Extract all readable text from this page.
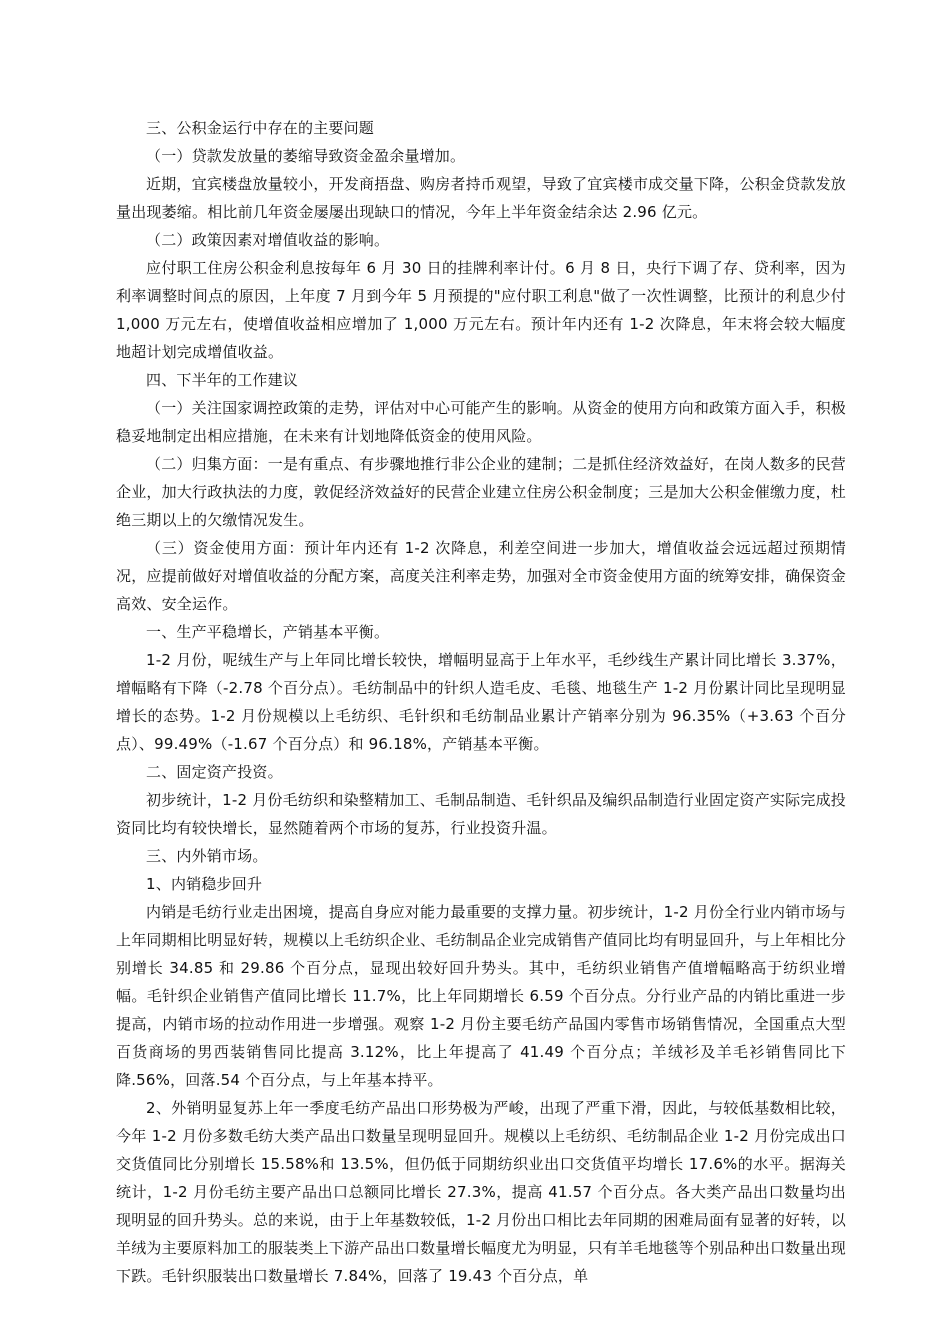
三、公积金运行中存在的主要问题

（一）贷款发放量的萎缩导致资金盈余量增加。

近期，宜宾楼盘放量较小，开发商捂盘、购房者持币观望，导致了宜宾楼市成交量下降，公积金贷款发放量出现萎缩。相比前几年资金屡屡出现缺口的情况，今年上半年资金结余达 2.96 亿元。

（二）政策因素对增值收益的影响。

应付职工住房公积金利息按每年 6 月 30 日的挂牌利率计付。6 月 8 日，央行下调了存、贷利率，因为利率调整时间点的原因，上年度 7 月到今年 5 月预提的"应付职工利息"做了一次性调整，比预计的利息少付 1,000 万元左右，使增值收益相应增加了 1,000 万元左右。预计年内还有 1-2 次降息，年末将会较大幅度地超计划完成增值收益。

四、下半年的工作建议

（一）关注国家调控政策的走势，评估对中心可能产生的影响。从资金的使用方向和政策方面入手，积极稳妥地制定出相应措施，在未来有计划地降低资金的使用风险。

（二）归集方面：一是有重点、有步骤地推行非公企业的建制；二是抓住经济效益好，在岗人数多的民营企业，加大行政执法的力度，敦促经济效益好的民营企业建立住房公积金制度；三是加大公积金催缴力度，杜绝三期以上的欠缴情况发生。

（三）资金使用方面：预计年内还有 1-2 次降息，利差空间进一步加大，增值收益会远远超过预期情况，应提前做好对增值收益的分配方案，高度关注利率走势，加强对全市资金使用方面的统筹安排，确保资金高效、安全运作。

一、生产平稳增长，产销基本平衡。

1-2 月份，呢绒生产与上年同比增长较快，增幅明显高于上年水平，毛纱线生产累计同比增长 3.37%，增幅略有下降（-2.78 个百分点）。毛纺制品中的针织人造毛皮、毛毯、地毯生产 1-2 月份累计同比呈现明显增长的态势。1-2 月份规模以上毛纺织、毛针织和毛纺制品业累计产销率分别为 96.35%（+3.63 个百分点）、99.49%（-1.67 个百分点）和 96.18%，产销基本平衡。

二、固定资产投资。

初步统计，1-2 月份毛纺织和染整精加工、毛制品制造、毛针织品及编织品制造行业固定资产实际完成投资同比均有较快增长，显然随着两个市场的复苏，行业投资升温。

三、内外销市场。

1、内销稳步回升

内销是毛纺行业走出困境，提高自身应对能力最重要的支撑力量。初步统计，1-2 月份全行业内销市场与上年同期相比明显好转，规模以上毛纺织企业、毛纺制品企业完成销售产值同比均有明显回升，与上年相比分别增长 34.85 和 29.86 个百分点，显现出较好回升势头。其中，毛纺织业销售产值增幅略高于纺织业增幅。毛针织企业销售产值同比增长 11.7%，比上年同期增长 6.59 个百分点。分行业产品的内销比重进一步提高，内销市场的拉动作用进一步增强。观察 1-2 月份主要毛纺产品国内零售市场销售情况，全国重点大型百货商场的男西装销售同比提高 3.12%，比上年提高了 41.49 个百分点；羊绒衫及羊毛衫销售同比下降.56%，回落.54 个百分点，与上年基本持平。

2、外销明显复苏上年一季度毛纺产品出口形势极为严峻，出现了严重下滑，因此，与较低基数相比较，今年 1-2 月份多数毛纺大类产品出口数量呈现明显回升。规模以上毛纺织、毛纺制品企业 1-2 月份完成出口交货值同比分别增长 15.58%和 13.5%，但仍低于同期纺织业出口交货值平均增长 17.6%的水平。据海关统计，1-2 月份毛纺主要产品出口总额同比增长 27.3%，提高 41.57 个百分点。各大类产品出口数量均出现明显的回升势头。总的来说，由于上年基数较低，1-2 月份出口相比去年同期的困难局面有显著的好转，以羊绒为主要原料加工的服装类上下游产品出口数量增长幅度尤为明显，只有羊毛地毯等个别品种出口数量出现下跌。毛针织服装出口数量增长 7.84%，回落了 19.43 个百分点，单
